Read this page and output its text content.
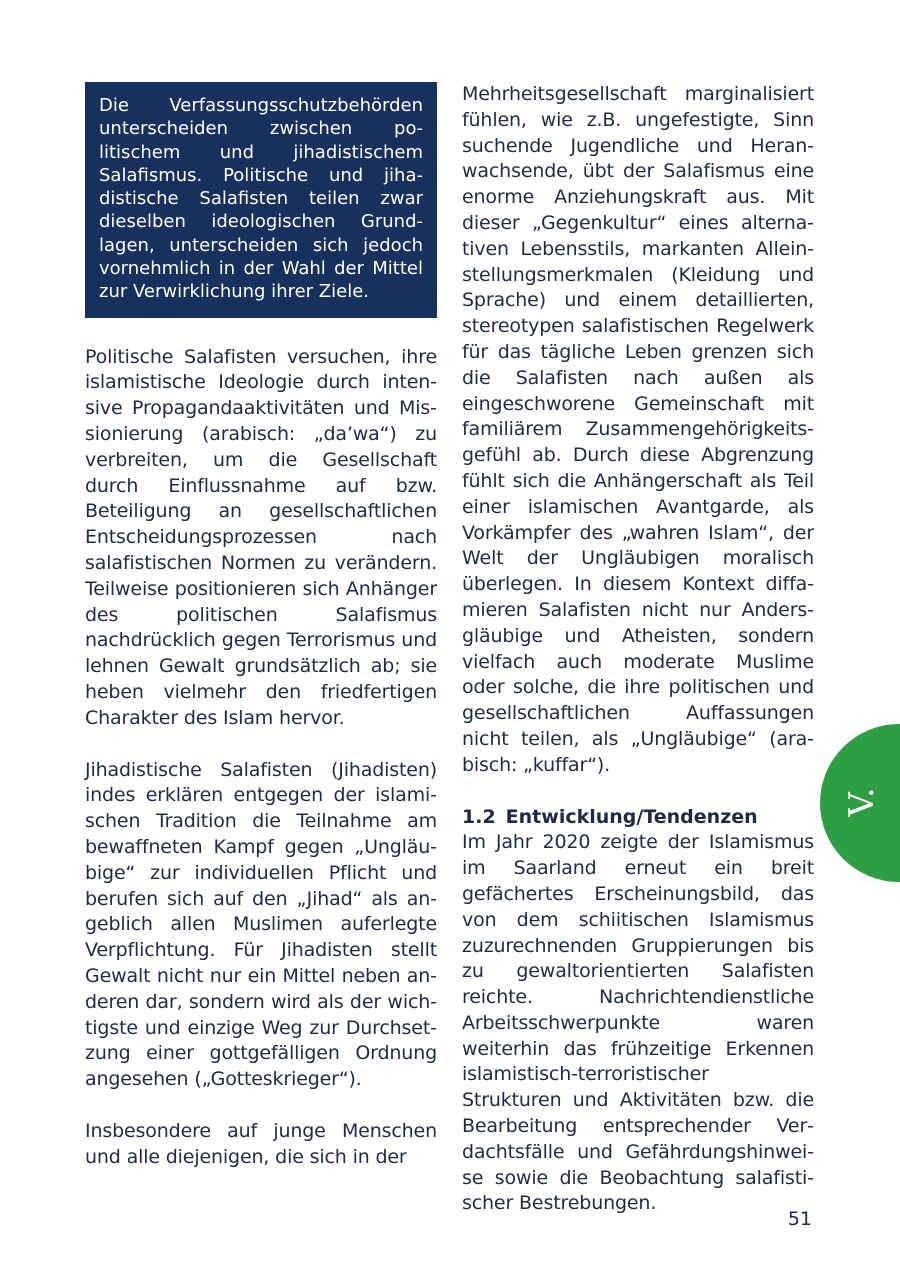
Die Verfassungsschutzbehörden unterscheiden zwischen politischem und jihadistischem Salafismus. Politische und jihadistische Salafisten teilen zwar dieselben ideologischen Grundlagen, unterscheiden sich jedoch vornehmlich in der Wahl der Mittel zur Verwirklichung ihrer Ziele.

Politische Salafisten versuchen, ihre islamistische Ideologie durch intensive Propagandaaktivitäten und Missionierung (arabisch: „da’wa“) zu verbreiten, um die Gesellschaft durch Einflussnahme auf bzw. Beteiligung an gesellschaftlichen Entscheidungsprozessen nach salafistischen Normen zu verändern. Teilweise positionieren sich Anhänger des politischen Salafismus nachdrücklich gegen Terrorismus und lehnen Gewalt grundsätzlich ab; sie heben vielmehr den friedfertigen Charakter des Islam hervor.

Jihadistische Salafisten (Jihadisten) indes erklären entgegen der islamischen Tradition die Teilnahme am bewaffneten Kampf gegen „Ungläubige“ zur individuellen Pflicht und berufen sich auf den „Jihad“ als angeblich allen Muslimen auferlegte Verpflichtung. Für Jihadisten stellt Gewalt nicht nur ein Mittel neben anderen dar, sondern wird als der wichtigste und einzige Weg zur Durchsetzung einer gottgefälligen Ordnung angesehen („Gotteskrieger“).

Insbesondere auf junge Menschen und alle diejenigen, die sich in der

Mehrheitsgesellschaft marginalisiert fühlen, wie z.B. ungefestigte, Sinn suchende Jugendliche und Heranwachsende, übt der Salafismus eine enorme Anziehungskraft aus. Mit dieser „Gegenkultur“ eines alternativen Lebensstils, markanten Alleinstellungsmerkmalen (Kleidung und Sprache) und einem detaillierten, stereotypen salafistischen Regelwerk für das tägliche Leben grenzen sich die Salafisten nach außen als eingeschworene Gemeinschaft mit familiärem Zusammengehörigkeitsgefühl ab. Durch diese Abgrenzung fühlt sich die Anhängerschaft als Teil einer islamischen Avantgarde, als Vorkämpfer des „wahren Islam“, der Welt der Ungläubigen moralisch überlegen. In diesem Kontext diffamieren Salafisten nicht nur Andersgläubige und Atheisten, sondern vielfach auch moderate Muslime oder solche, die ihre politischen und gesellschaftlichen Auffassungen nicht teilen, als „Ungläubige“ (arabisch: „kuffar“).

1.2 Entwicklung/Tendenzen

Im Jahr 2020 zeigte der Islamismus im Saarland erneut ein breit gefächertes Erscheinungsbild, das von dem schiitischen Islamismus zuzurechnenden Gruppierungen bis zu gewaltorientierten Salafisten reichte. Nachrichtendienstliche Arbeitsschwerpunkte waren weiterhin das frühzeitige Erkennen islamistisch-terroristischer Strukturen und Aktivitäten bzw. die Bearbeitung entsprechender Verdachtsfälle und Gefährdungshinweise sowie die Beobachtung salafistischer Bestrebungen.

V.
51
